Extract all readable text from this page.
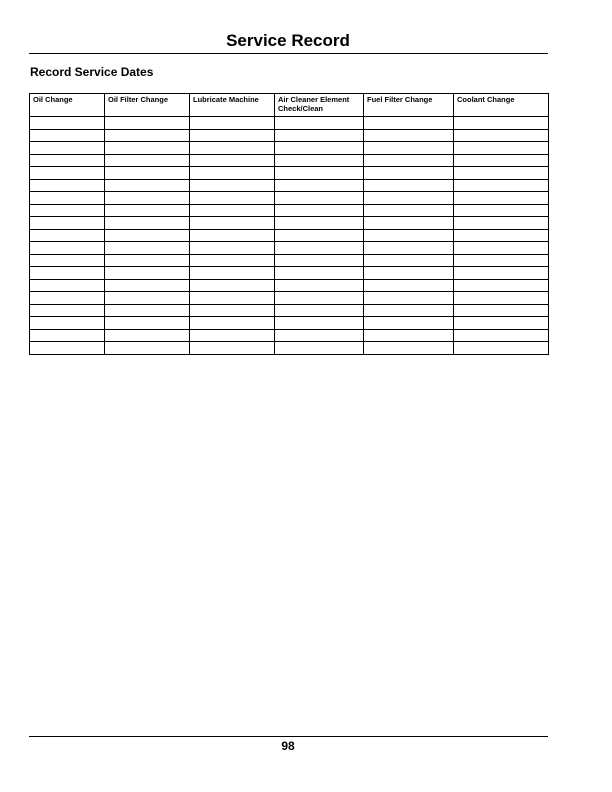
Service Record
Record Service Dates
Oil Change	Oil Filter Change	Lubricate Machine	Air Cleaner Element Check/Clean	Fuel Filter Change	Coolant Change

98
